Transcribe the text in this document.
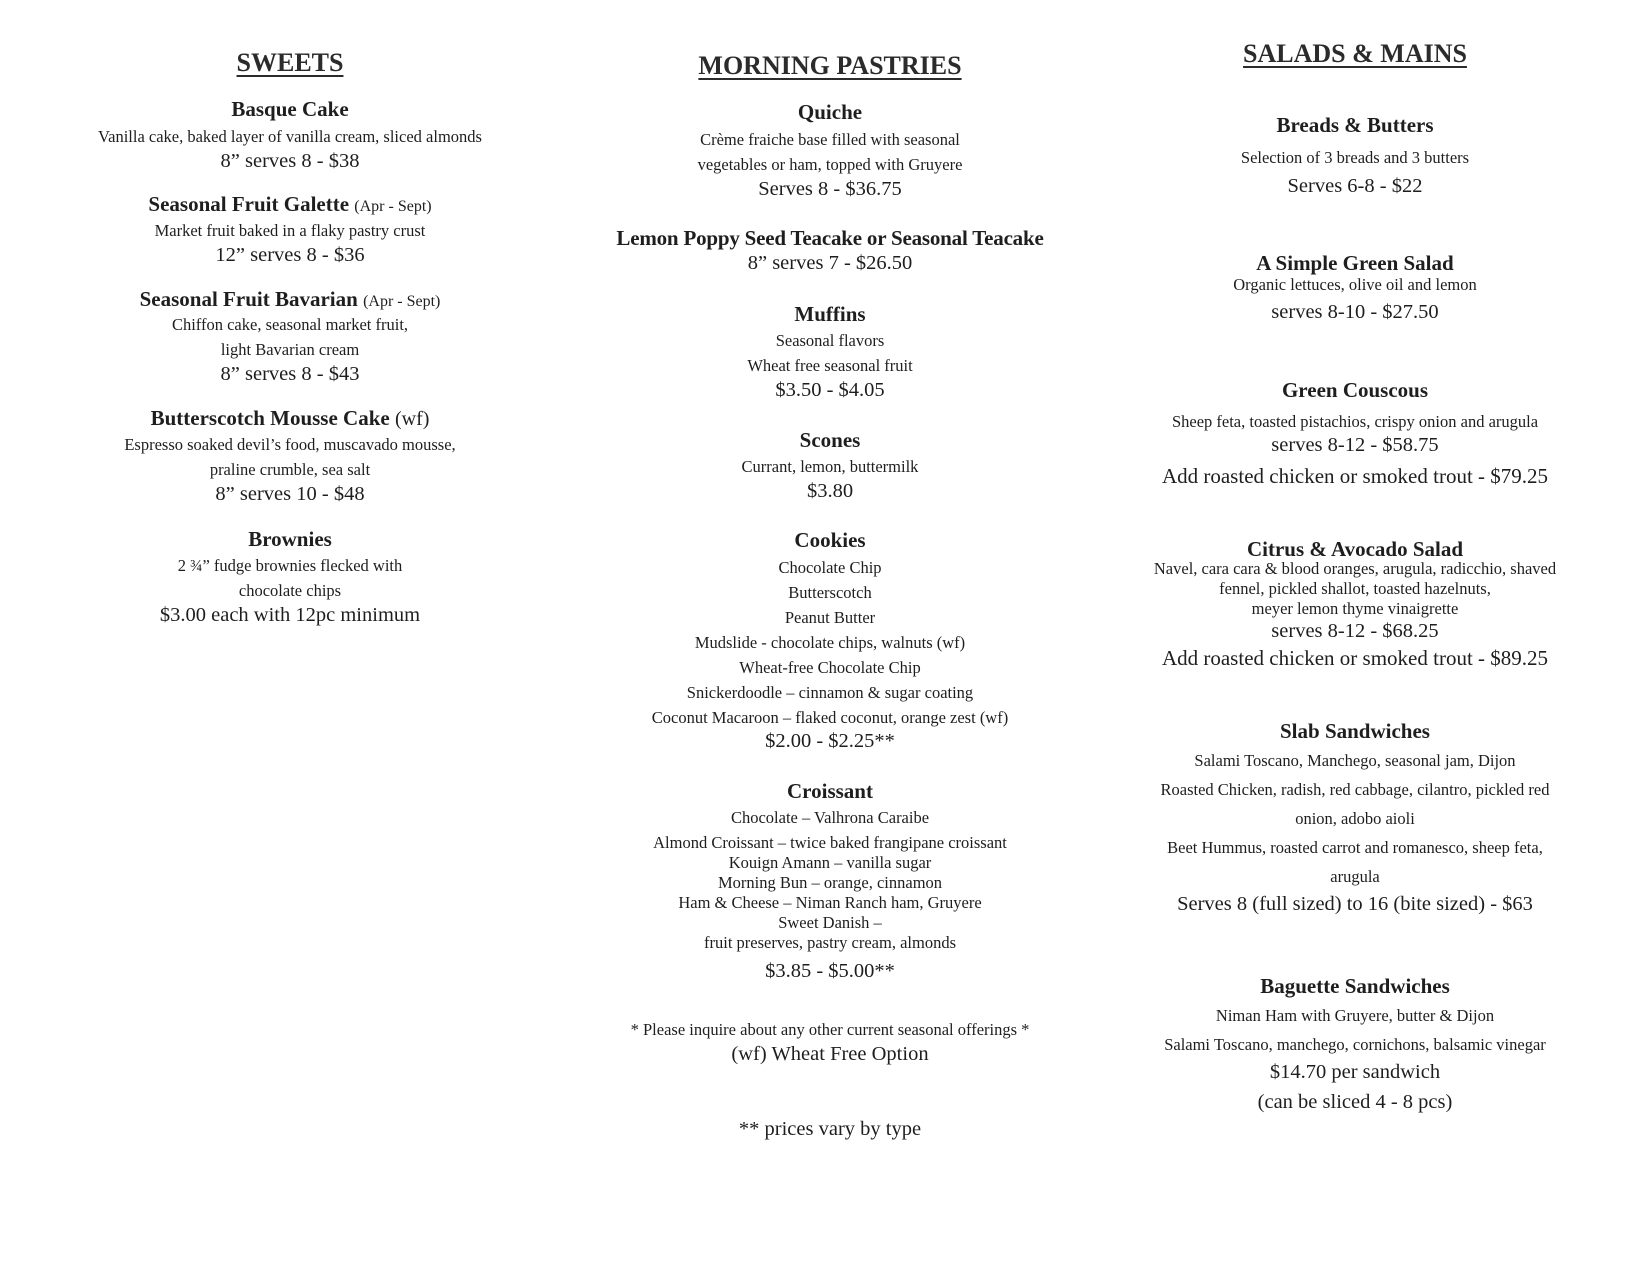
SWEETS
Basque Cake
Vanilla cake, baked layer of vanilla cream, sliced almonds
8” serves 8 - $38
Seasonal Fruit Galette (Apr - Sept)
Market fruit baked in a flaky pastry crust
12” serves 8 - $36
Seasonal Fruit Bavarian (Apr - Sept)
Chiffon cake, seasonal market fruit,
light Bavarian cream
8” serves 8 - $43
Butterscotch Mousse Cake (wf)
Espresso soaked devil’s food, muscavado mousse,
praline crumble, sea salt
8” serves 10 - $48
Brownies
2 ¾” fudge brownies flecked with
chocolate chips
$3.00 each with 12pc minimum
MORNING PASTRIES
Quiche
Crème fraiche base filled with seasonal
vegetables or ham, topped with Gruyere
Serves 8 - $36.75
Lemon Poppy Seed Teacake or Seasonal Teacake
8” serves 7 - $26.50
Muffins
Seasonal flavors
Wheat free seasonal fruit
$3.50 - $4.05
Scones
Currant, lemon, buttermilk
$3.80
Cookies
Chocolate Chip
Butterscotch
Peanut Butter
Mudslide - chocolate chips, walnuts (wf)
Wheat-free Chocolate Chip
Snickerdoodle – cinnamon & sugar coating
Coconut Macaroon – flaked coconut, orange zest (wf)
$2.00 - $2.25**
Croissant
Chocolate – Valhrona Caraibe
Almond Croissant – twice baked frangipane croissant
Kouign Amann – vanilla sugar
Morning Bun – orange, cinnamon
Ham & Cheese – Niman Ranch ham, Gruyere
Sweet Danish –
fruit preserves, pastry cream, almonds
$3.85 - $5.00**
* Please inquire about any other current seasonal offerings *
(wf) Wheat Free Option
** prices vary by type
SALADS & MAINS
Breads & Butters
Selection of 3 breads and 3 butters
Serves 6-8 - $22
A Simple Green Salad
Organic lettuces, olive oil and lemon
serves 8-10 - $27.50
Green Couscous
Sheep feta, toasted pistachios, crispy onion and arugula
serves 8-12 - $58.75
Add roasted chicken or smoked trout - $79.25
Citrus & Avocado Salad
Navel, cara cara & blood oranges, arugula, radicchio, shaved
fennel, pickled shallot, toasted hazelnuts,
meyer lemon thyme vinaigrette
serves 8-12 - $68.25
Add roasted chicken or smoked trout - $89.25
Slab Sandwiches
Salami Toscano, Manchego, seasonal jam, Dijon
Roasted Chicken, radish, red cabbage, cilantro, pickled red
onion, adobo aioli
Beet Hummus, roasted carrot and romanesco, sheep feta,
arugula
Serves 8 (full sized) to 16 (bite sized) - $63
Baguette Sandwiches
Niman Ham with Gruyere, butter & Dijon
Salami Toscano, manchego, cornichons, balsamic vinegar
$14.70 per sandwich
(can be sliced 4 - 8 pcs)
